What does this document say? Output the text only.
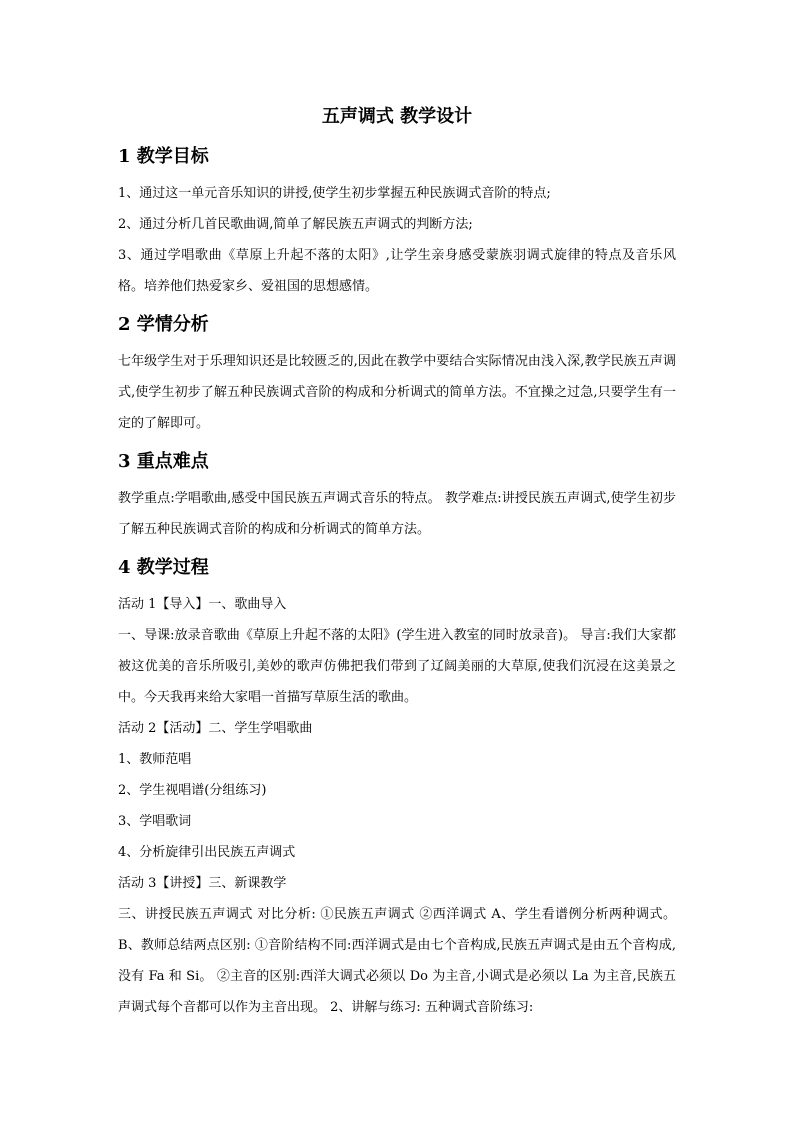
五声调式 教学设计
1 教学目标

1、通过这一单元音乐知识的讲授,使学生初步掌握五种民族调式音阶的特点;

2、通过分析几首民歌曲调,简单了解民族五声调式的判断方法;

3、通过学唱歌曲《草原上升起不落的太阳》,让学生亲身感受蒙族羽调式旋律的特点及音乐风格。培养他们热爱家乡、爱祖国的思想感情。

2 学情分析

七年级学生对于乐理知识还是比较匮乏的,因此在教学中要结合实际情况由浅入深,教学民族五声调式,使学生初步了解五种民族调式音阶的构成和分析调式的简单方法。不宜操之过急,只要学生有一定的了解即可。

3 重点难点

教学重点:学唱歌曲,感受中国民族五声调式音乐的特点。 教学难点:讲授民族五声调式,使学生初步了解五种民族调式音阶的构成和分析调式的简单方法。

4 教学过程

活动 1【导入】一、歌曲导入

一、导课:放录音歌曲《草原上升起不落的太阳》(学生进入教室的同时放录音)。 导言:我们大家都被这优美的音乐所吸引,美妙的歌声仿佛把我们带到了辽阔美丽的大草原,使我们沉浸在这美景之中。今天我再来给大家唱一首描写草原生活的歌曲。

活动 2【活动】二、学生学唱歌曲

1、教师范唱

2、学生视唱谱(分组练习)

3、学唱歌词

4、分析旋律引出民族五声调式

活动 3【讲授】三、新课教学

三、讲授民族五声调式 对比分析: ①民族五声调式 ②西洋调式 A、学生看谱例分析两种调式。 B、教师总结两点区别: ①音阶结构不同:西洋调式是由七个音构成,民族五声调式是由五个音构成,没有 Fa 和 Si。 ②主音的区别:西洋大调式必须以 Do 为主音,小调式是必须以 La 为主音,民族五声调式每个音都可以作为主音出现。 2、讲解与练习: 五种调式音阶练习:
